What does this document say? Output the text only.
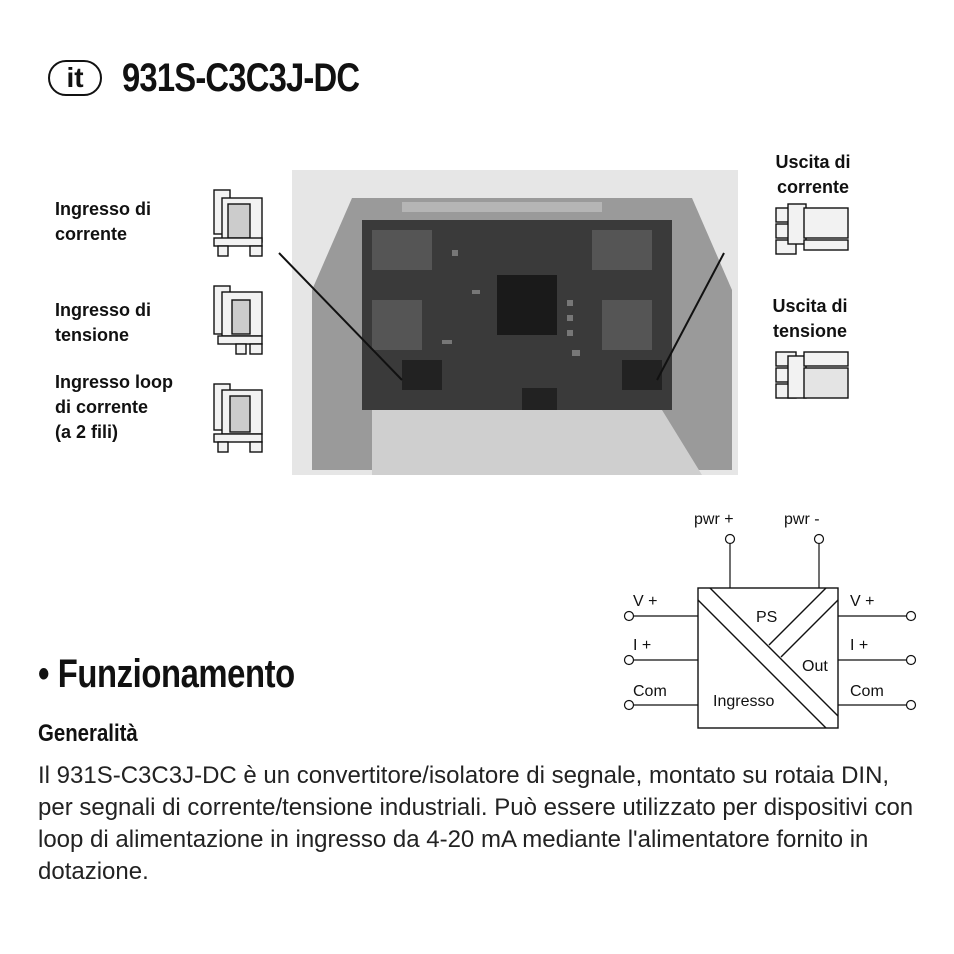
it 931S-C3C3J-DC
Ingresso di
corrente
Ingresso di
tensione
Ingresso loop
di corrente
(a 2 fili)
Uscita di
corrente
Uscita di
tensione
pwr +	pwr -
PS
Out
Ingresso
V +
I +
Com
V +
I +
Com
• Funzionamento
Generalità
Il 931S-C3C3J-DC è un convertitore/isolatore di segnale, montato su rotaia DIN, per segnali di corrente/tensione industriali. Può essere utilizzato per dispositivi con loop di alimentazione in ingresso da 4-20 mA mediante l'alimentatore fornito in dotazione.
